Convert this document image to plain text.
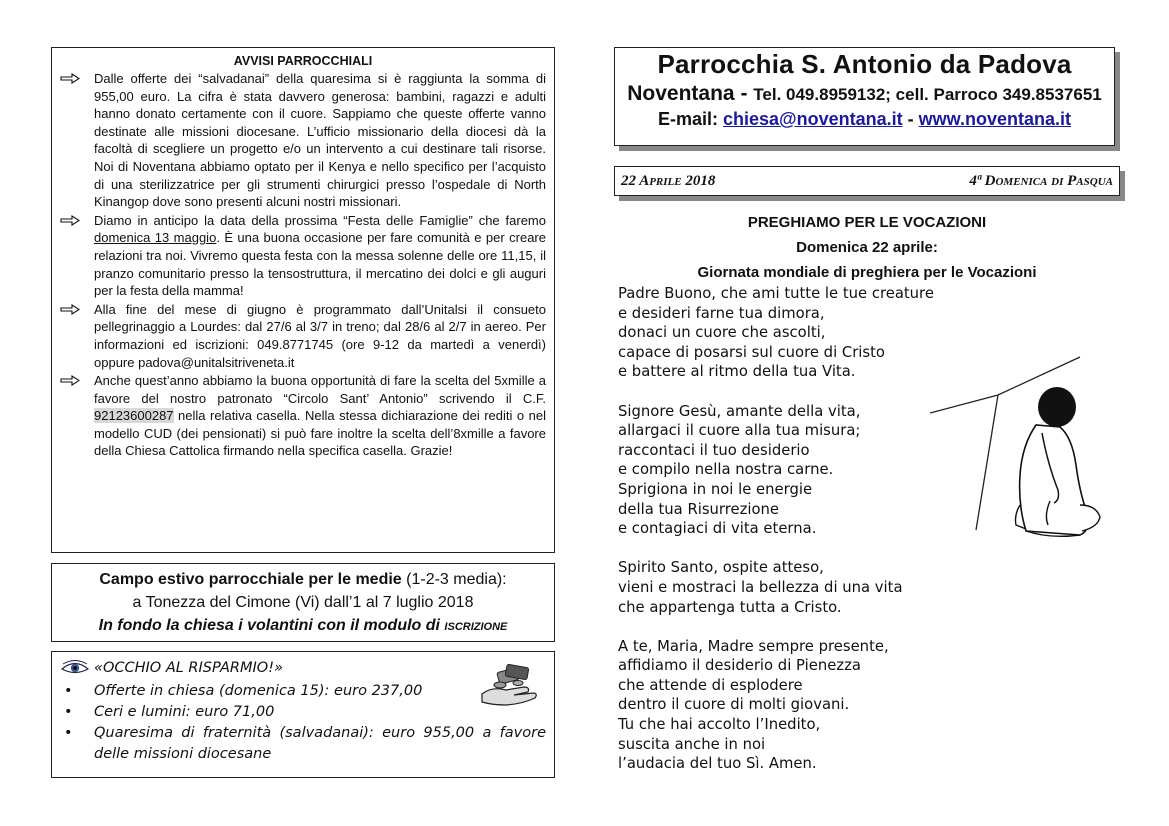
AVVISI PARROCCHIALI
Dalle offerte dei “salvadanai” della quaresima si è raggiunta la somma di 955,00 euro. La cifra è stata davvero generosa: bambini, ragazzi e adulti hanno donato certamente con il cuore. Sappiamo che queste offerte vanno destinate alle missioni diocesane. L’ufficio missionario della diocesi dà la facoltà di scegliere un progetto e/o un intervento a cui destinare tali risorse. Noi di Noventana abbiamo optato per il Kenya e nello specifico per l’acquisto di una sterilizzatrice per gli strumenti chirurgici presso l’ospedale di North Kinangop dove sono presenti alcuni nostri missionari.
Diamo in anticipo la data della prossima “Festa delle Famiglie” che faremo domenica 13 maggio. È una buona occasione per fare comunità e per creare relazioni tra noi. Vivremo questa festa con la messa solenne delle ore 11,15, il pranzo comunitario presso la tensostruttura, il mercatino dei dolci e gli auguri per la festa della mamma!
Alla fine del mese di giugno è programmato dall’Unitalsi il consueto pellegrinaggio a Lourdes: dal 27/6 al 3/7 in treno; dal 28/6 al 2/7 in aereo. Per informazioni ed iscrizioni: 049.8771745 (ore 9-12 da martedì a venerdì) oppure padova@unitalsitriveneta.it
Anche quest’anno abbiamo la buona opportunità di fare la scelta del 5xmille a favore del nostro patronato “Circolo Sant’ Antonio” scrivendo il C.F. 92123600287 nella relativa casella. Nella stessa dichiarazione dei rediti o nel modello CUD (dei pensionati) si può fare inoltre la scelta dell’8xmille a favore della Chiesa Cattolica firmando nella specifica casella. Grazie!
Campo estivo parrocchiale per le medie (1-2-3 media):
a Tonezza del Cimone (Vi) dall’1 al 7 luglio 2018
In fondo la chiesa i volantini con il modulo di ISCRIZIONE
«OCCHIO AL RISPARMIO!»
• Offerte in chiesa (domenica 15): euro 237,00
• Ceri e lumini: euro 71,00
• Quaresima di fraternità (salvadanai): euro 955,00 a favore delle missioni diocesane
Parrocchia S. Antonio da Padova
Noventana - Tel. 049.8959132; cell. Parroco 349.8537651
E-mail: chiesa@noventana.it - www.noventana.it
22 Aprile 2018	4ª Domenica di Pasqua
PREGHIAMO PER LE VOCAZIONI
Domenica 22 aprile:
Giornata mondiale di preghiera per le Vocazioni
Padre Buono, che ami tutte le tue creature
e desideri farne tua dimora,
donaci un cuore che ascolti,
capace di posarsi sul cuore di Cristo
e battere al ritmo della tua Vita.
Signore Gesù, amante della vita,
allargaci il cuore alla tua misura;
raccontaci il tuo desiderio
e compilo nella nostra carne.
Sprigiona in noi le energie
della tua Risurrezione
e contagiaci di vita eterna.
Spirito Santo, ospite atteso,
vieni e mostraci la bellezza di una vita
che appartenga tutta a Cristo.
A te, Maria, Madre sempre presente,
affidiamo il desiderio di Pienezza
che attende di esplodere
dentro il cuore di molti giovani.
Tu che hai accolto l’Inedito,
suscita anche in noi
l’audacia del tuo Sì. Amen.
